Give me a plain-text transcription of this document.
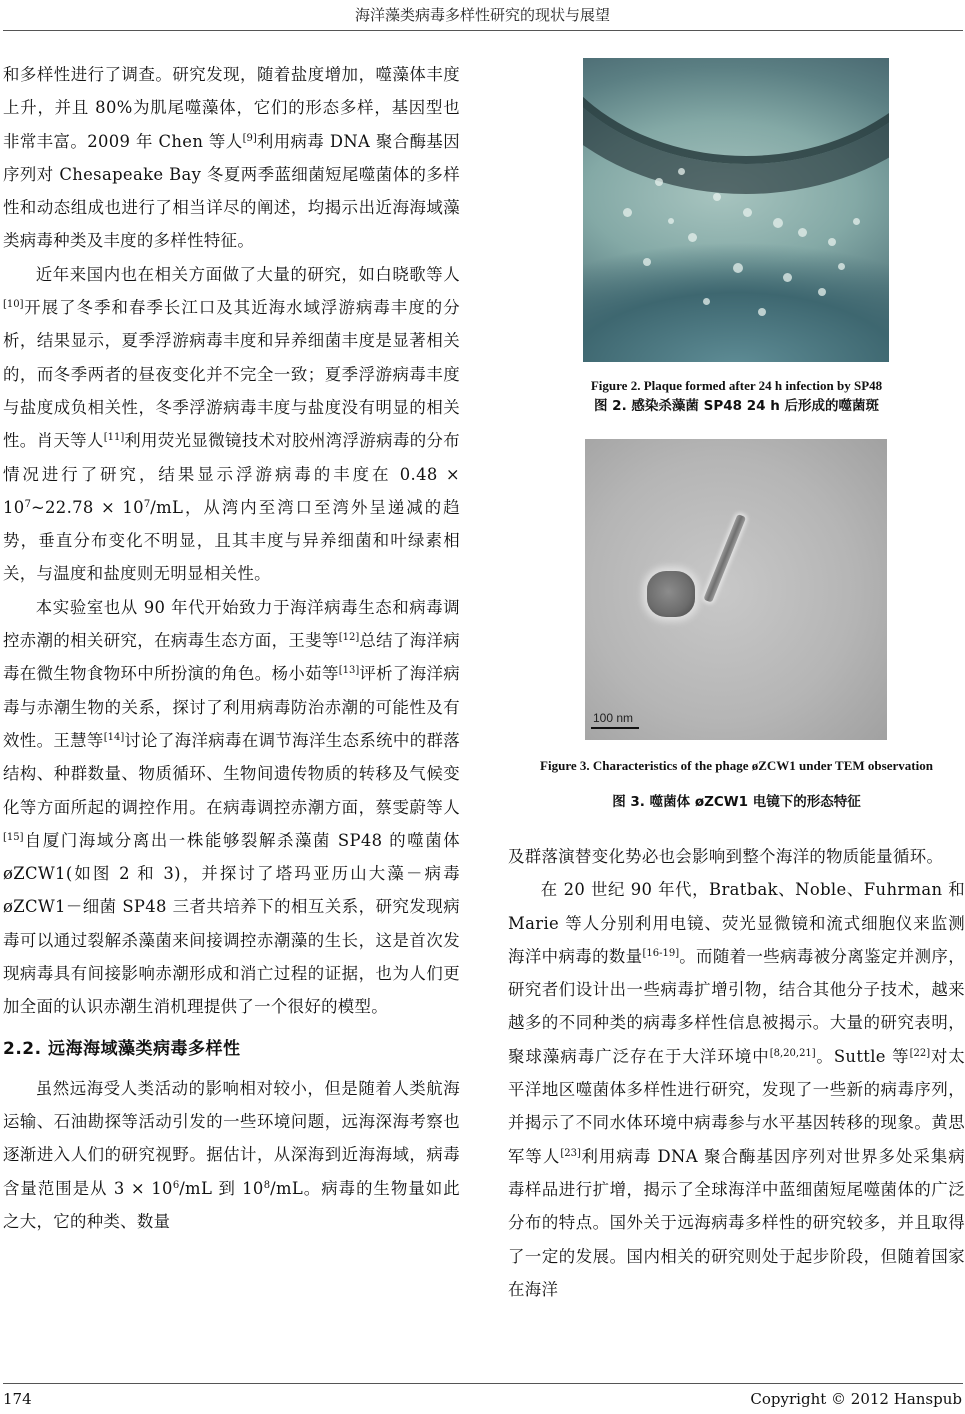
海洋藻类病毒多样性研究的现状与展望

和多样性进行了调查。研究发现，随着盐度增加，噬藻体丰度上升，并且 80%为肌尾噬藻体，它们的形态多样，基因型也非常丰富。2009 年 Chen 等人[9]利用病毒 DNA 聚合酶基因序列对 Chesapeake Bay 冬夏两季蓝细菌短尾噬菌体的多样性和动态组成也进行了相当详尽的阐述，均揭示出近海海域藻类病毒种类及丰度的多样性特征。

近年来国内也在相关方面做了大量的研究，如白晓歌等人[10]开展了冬季和春季长江口及其近海水域浮游病毒丰度的分析，结果显示，夏季浮游病毒丰度和异养细菌丰度是显著相关的，而冬季两者的昼夜变化并不完全一致；夏季浮游病毒丰度与盐度成负相关性，冬季浮游病毒丰度与盐度没有明显的相关性。肖天等人[11]利用荧光显微镜技术对胶州湾浮游病毒的分布情况进行了研究，结果显示浮游病毒的丰度在 $0.48 \times 10^7\sim 22.78 \times 10^7/mL$，从湾内至湾口至湾外呈递减的趋势，垂直分布变化不明显，且其丰度与异养细菌和叶绿素相关，与温度和盐度则无明显相关性。

本实验室也从 90 年代开始致力于海洋病毒生态和病毒调控赤潮的相关研究，在病毒生态方面，王斐等[12]总结了海洋病毒在微生物食物环中所扮演的角色。杨小茹等[13]评析了海洋病毒与赤潮生物的关系，探讨了利用病毒防治赤潮的可能性及有效性。王慧等[14]讨论了海洋病毒在调节海洋生态系统中的群落结构、种群数量、物质循环、生物间遗传物质的转移及气候变化等方面所起的调控作用。在病毒调控赤潮方面，蔡雯蔚等人[15]自厦门海域分离出一株能够裂解杀藻菌 SP48 的噬菌体 øZCW1(如图 2 和 3)，并探讨了塔玛亚历山大藻－病毒 øZCW1－细菌 SP48 三者共培养下的相互关系，研究发现病毒可以通过裂解杀藻菌来间接调控赤潮藻的生长，这是首次发现病毒具有间接影响赤潮形成和消亡过程的证据，也为人们更加全面的认识赤潮生消机理提供了一个很好的模型。

2.2. 远海海域藻类病毒多样性

虽然远海受人类活动的影响相对较小，但是随着人类航海运输、石油勘探等活动引发的一些环境问题，远海深海考察也逐渐进入人们的研究视野。据估计，从深海到近海海域，病毒含量范围是从 $3 \times 10^6/mL$ 到 $10^8/mL$。病毒的生物量如此之大，它的种类、数量

Figure 2. Plaque formed after 24 h infection by SP48
图 2. 感染杀藻菌 SP48 24 h 后形成的噬菌斑
100 nm
Figure 3. Characteristics of the phage øZCW1 under TEM observation
图 3. 噬菌体 øZCW1 电镜下的形态特征

及群落演替变化势必也会影响到整个海洋的物质能量循环。

在 20 世纪 90 年代，Bratbak、Noble、Fuhrman 和 Marie 等人分别利用电镜、荧光显微镜和流式细胞仪来监测海洋中病毒的数量[16-19]。而随着一些病毒被分离鉴定并测序，研究者们设计出一些病毒扩增引物，结合其他分子技术，越来越多的不同种类的病毒多样性信息被揭示。大量的研究表明，聚球藻病毒广泛存在于大洋环境中[8,20,21]。Suttle 等[22]对太平洋地区噬菌体多样性进行研究，发现了一些新的病毒序列，并揭示了不同水体环境中病毒参与水平基因转移的现象。黄思军等人[23]利用病毒 DNA 聚合酶基因序列对世界多处采集病毒样品进行扩增，揭示了全球海洋中蓝细菌短尾噬菌体的广泛分布的特点。国外关于远海病毒多样性的研究较多，并且取得了一定的发展。国内相关的研究则处于起步阶段，但随着国家在海洋

174	Copyright © 2012 Hanspub
